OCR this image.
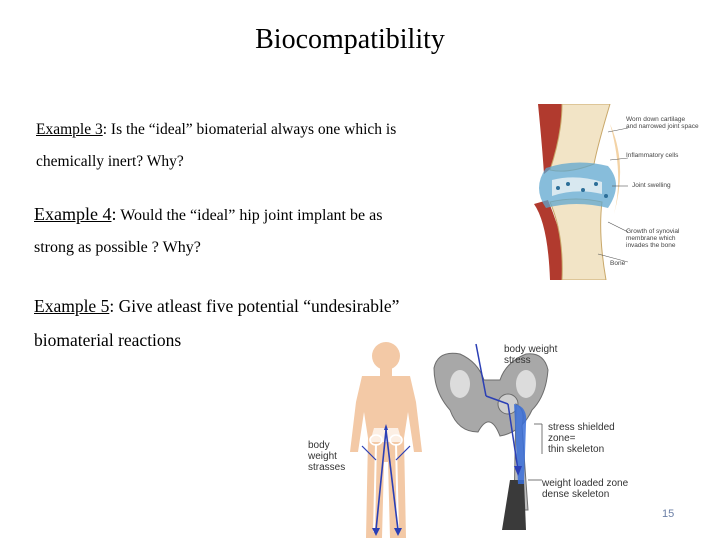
Biocompatibility
Example 3: Is the “ideal” biomaterial always one which is
chemically inert? Why?
Example 4: Would the “ideal” hip joint implant be as
strong as possible ? Why?
Example 5: Give atleast five potential “undesirable”
biomaterial reactions
Worn down cartilage
and narrowed joint space
Inflammatory cells
Joint swelling
Growth of synovial
membrane which
invades the bone
Bone
body
weight
strasses
body weight
stress
stress shielded
zone=
thin skeleton
weight loaded zone
dense skeleton
15
